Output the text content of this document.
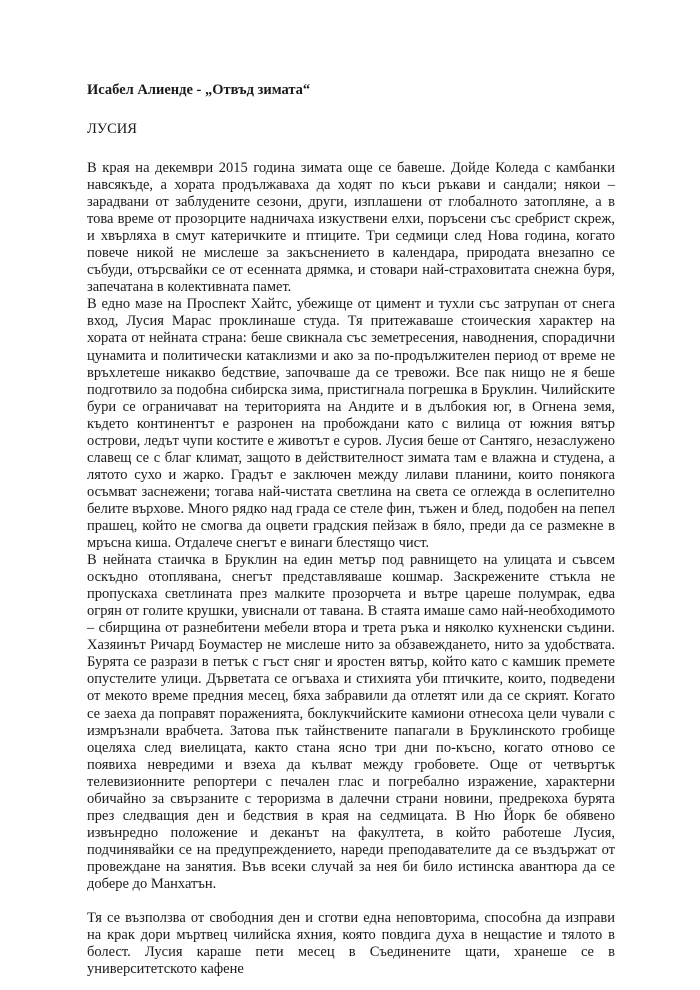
Исабел Алиенде - „Отвъд зимата“
ЛУСИЯ

В края на декември 2015 година зимата още се бавеше. Дойде Коледа с камбанки навсякъде, а хората продължаваха да ходят по къси ръкави и сандали; някои – зарадвани от заблудените сезони, други, изплашени от глобалното затопляне, а в това време от прозорците надничаха изкуствени елхи, поръсени със сребрист скреж, и хвърляха в смут катеричките и птиците. Три седмици след Нова година, когато повече никой не мислеше за закъснението в календара, природата внезапно се събуди, отърсвайки се от есенната дрямка, и стовари най-страховитата снежна буря, запечатана в колективната памет.

В едно мазе на Проспект Хайтс, убежище от цимент и тухли със затрупан от снега вход, Лусия Марас проклинаше студа. Тя притежаваше стоическия характер на хората от нейната страна: беше свикнала със земетресения, наводнения, спорадични цунамита и политически катаклизми и ако за по-продължителен период от време не връхлетеше никакво бедствие, започваше да се тревожи. Все пак нищо не я беше подготвило за подобна сибирска зима, пристигнала погрешка в Бруклин. Чилийските бури се ограничават на територията на Андите и в дълбокия юг, в Огнена земя, където континентът е разронен на пробождани като с вилица от южния вятър острови, ледът чупи костите е животът е суров. Лусия беше от Сантяго, незаслужено славещ се с благ климат, защото в действителност зимата там е влажна и студена, а лятото сухо и жарко. Градът е заключен между лилави планини, които понякога осъмват заснежени; тогава най-чистата светлина на света се оглежда в ослепително белите върхове. Много рядко над града се стеле фин, тъжен и блед, подобен на пепел прашец, който не смогва да оцвети градския пейзаж в бяло, преди да се размекне в мръсна киша. Отдалече снегът е винаги блестящо чист.

В нейната стаичка в Бруклин на един метър под равнището на улицата и съвсем оскъдно отоплявана, снегът представляваше кошмар. Заскрежените стъкла не пропускаха светлината през малките прозорчета и вътре цареше полумрак, едва огрян от голите крушки, увиснали от тавана. В стаята имаше само най-необходимото – сбирщина от разнебитени мебели втора и трета ръка и няколко кухненски съдини. Хазяинът Ричард Боумастер не мислеше нито за обзавеждането, нито за удобствата. Бурята се разрази в петък с гъст сняг и яростен вятър, който като с камшик премете опустелите улици. Дърветата се огъваха и стихията уби птичките, които, подведени от мекото време предния месец, бяха забравили да отлетят или да се скрият. Когато се заеха да поправят пораженията, боклукчийските камиони отнесоха цели чували с измръзнали врабчета. Затова пък тайнствените папагали в Бруклинското гробище оцеляха след виелицата, както стана ясно три дни по-късно, когато отново се появиха невредими и взеха да кълват между гробовете. Още от четвъртък телевизионните репортери с печален глас и погребално изражение, характерни обичайно за свързаните с тероризма в далечни страни новини, предрекоха бурята през следващия ден и бедствия в края на седмицата. В Ню Йорк бе обявено извънредно положение и деканът на факултета, в който работеше Лусия, подчинявайки се на предупреждението, нареди преподавателите да се въздържат от провеждане на занятия. Във всеки случай за нея би било истинска авантюра да се добере до Манхатън.

Тя се възползва от свободния ден и сготви една неповторима, способна да изправи на крак дори мъртвец чилийска яхния, която повдига духа в нещастие и тялото в болест. Лусия караше пети месец в Съединените щати, хранеше се в университетското кафене
